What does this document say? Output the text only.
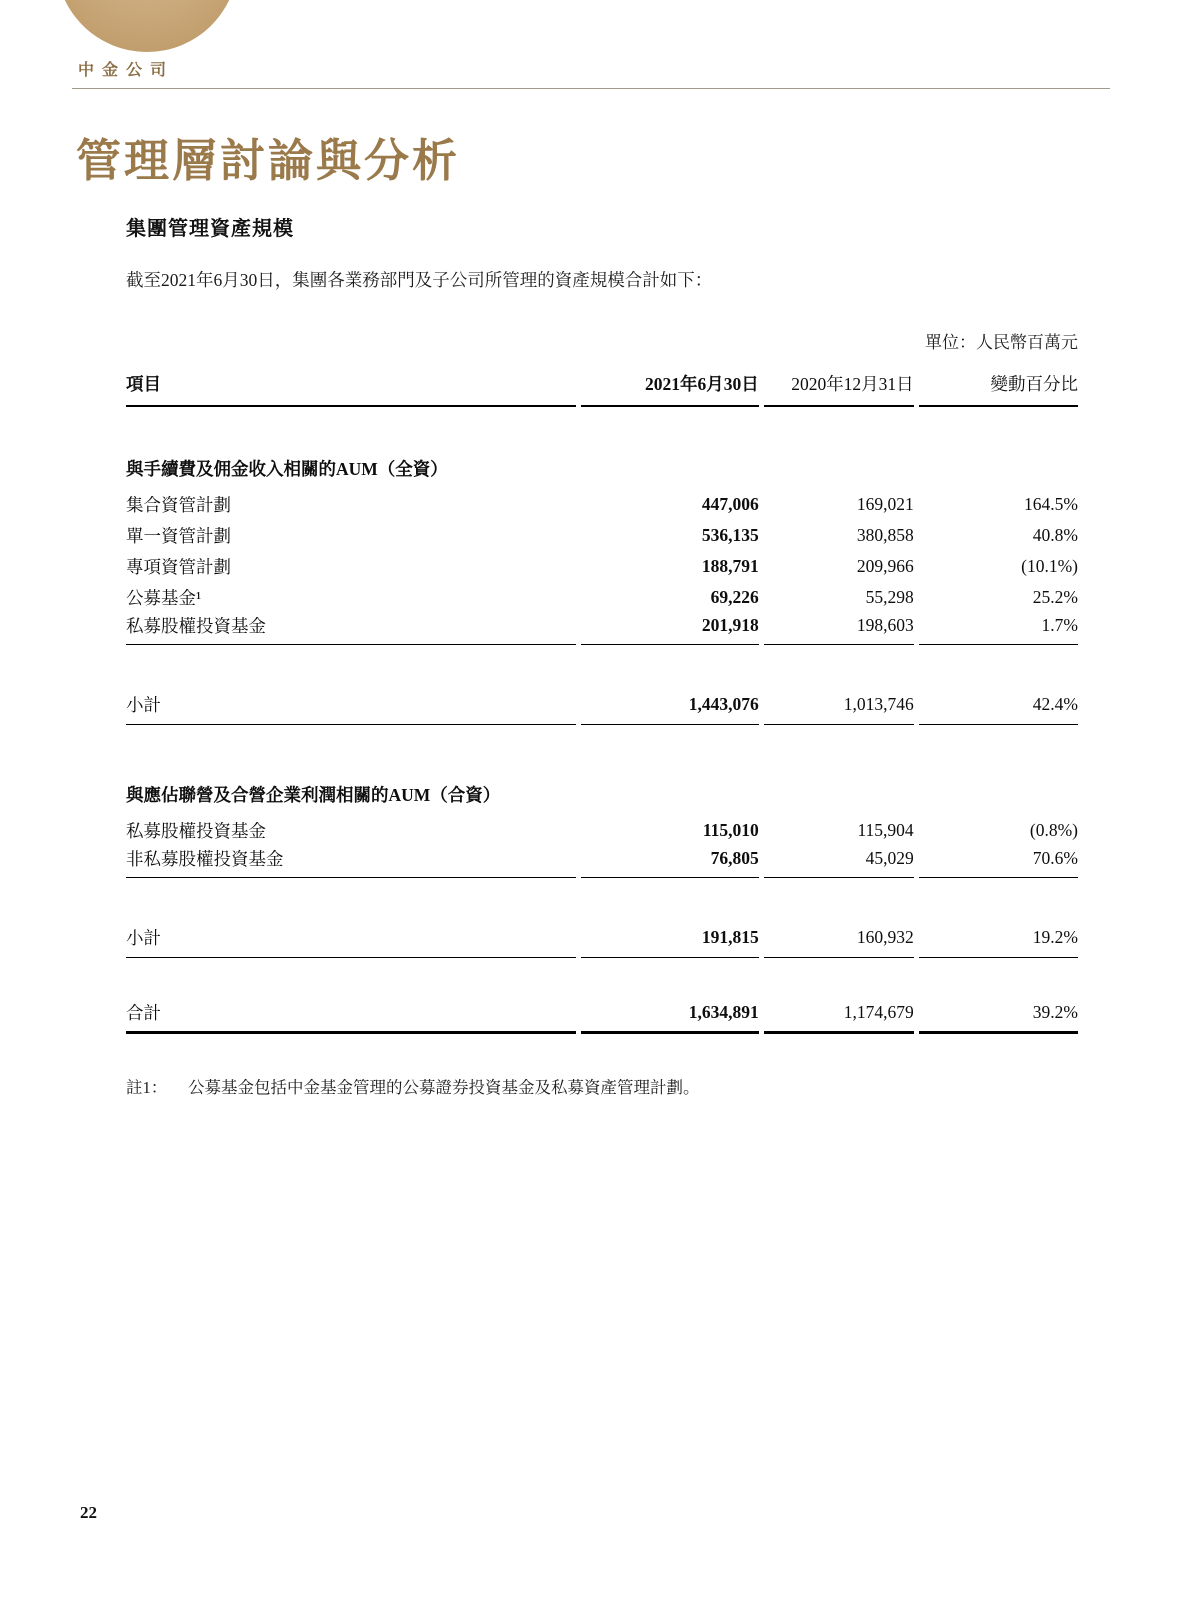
中金公司
管理層討論與分析
集團管理資產規模

截至2021年6月30日，集團各業務部門及子公司所管理的資產規模合計如下：

單位：人民幣百萬元
項目	2021年6月30日	2020年12月31日	變動百分比

與手續費及佣金收入相關的AUM（全資）			
集合資管計劃	447,006	169,021	164.5%
單一資管計劃	536,135	380,858	40.8%
專項資管計劃	188,791	209,966	(10.1%)
公募基金¹	69,226	55,298	25.2%
私募股權投資基金	201,918	198,603	1.7%

小計	1,443,076	1,013,746	42.4%

與應佔聯營及合營企業利潤相關的AUM（合資）			
私募股權投資基金	115,010	115,904	(0.8%)
非私募股權投資基金	76,805	45,029	70.6%

小計	191,815	160,932	19.2%

合計	1,634,891	1,174,679	39.2%
註1：	公募基金包括中金基金管理的公募證券投資基金及私募資產管理計劃。
22
